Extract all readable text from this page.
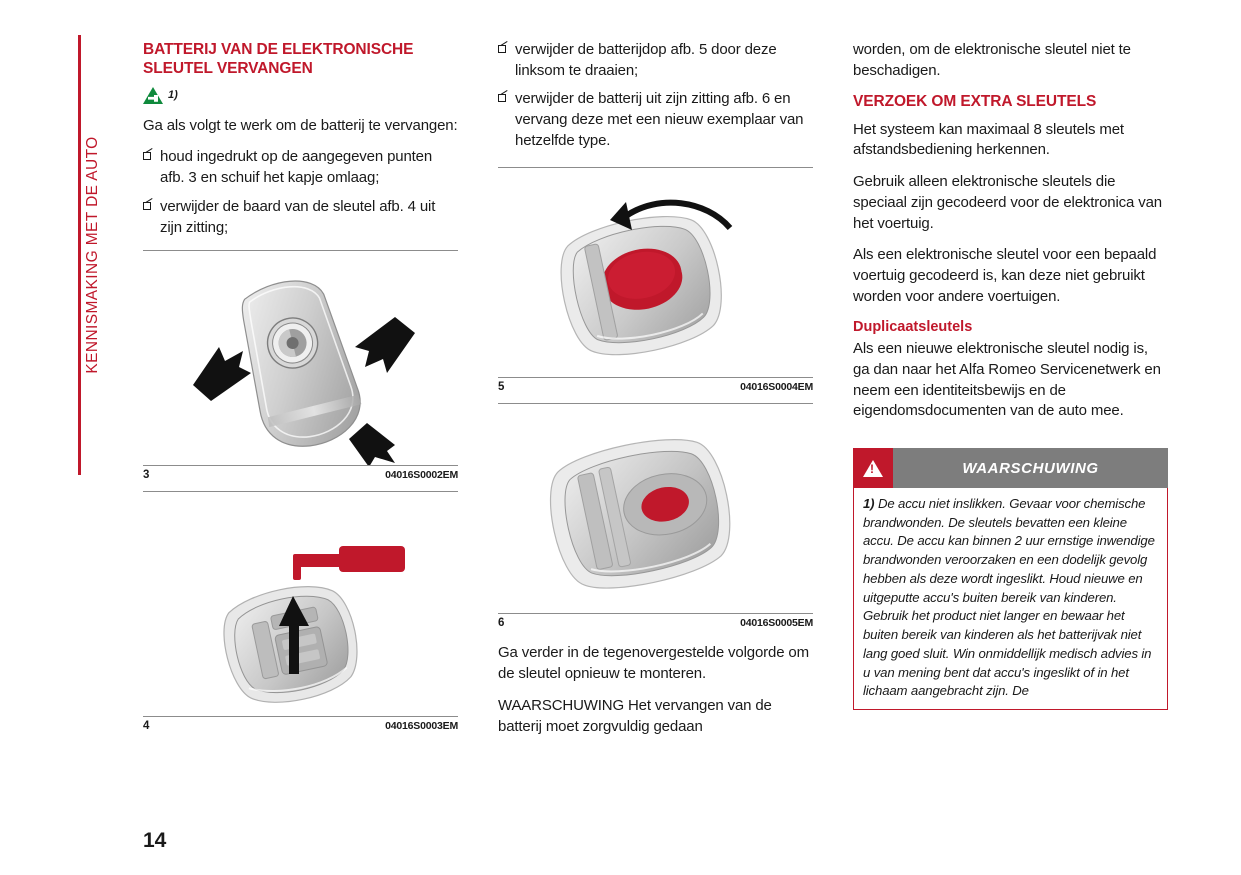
KENNISMAKING MET DE AUTO
BATTERIJ VAN DE ELEKTRONISCHE SLEUTEL VERVANGEN
1)

Ga als volgt te werk om de batterij te vervangen:

houd ingedrukt op de aangegeven punten afb. 3 en schuif het kapje omlaag;
verwijder de baard van de sleutel afb. 4 uit zijn zitting;
3	04016S0002EM
4	04016S0003EM
verwijder de batterijdop afb. 5 door deze linksom te draaien;
verwijder de batterij uit zijn zitting afb. 6 en vervang deze met een nieuw exemplaar van hetzelfde type.
5	04016S0004EM
6	04016S0005EM

Ga verder in de tegenovergestelde volgorde om de sleutel opnieuw te monteren.

WAARSCHUWING Het vervangen van de batterij moet zorgvuldig gedaan

worden, om de elektronische sleutel niet te beschadigen.

VERZOEK OM EXTRA SLEUTELS

Het systeem kan maximaal 8 sleutels met afstandsbediening herkennen.

Gebruik alleen elektronische sleutels die speciaal zijn gecodeerd voor de elektronica van het voertuig.

Als een elektronische sleutel voor een bepaald voertuig gecodeerd is, kan deze niet gebruikt worden voor andere voertuigen.

Duplicaatsleutels

Als een nieuwe elektronische sleutel nodig is, ga dan naar het Alfa Romeo Servicenetwerk en neem een identiteitsbewijs en de eigendomsdocumenten van de auto mee.

!
WAARSCHUWING
1) De accu niet inslikken. Gevaar voor chemische brandwonden. De sleutels bevatten een kleine accu. De accu kan binnen 2 uur ernstige inwendige brandwonden veroorzaken en een dodelijk gevolg hebben als deze wordt ingeslikt. Houd nieuwe en uitgeputte accu's buiten bereik van kinderen. Gebruik het product niet langer en bewaar het buiten bereik van kinderen als het batterijvak niet lang goed sluit. Win onmiddellijk medisch advies in u van mening bent dat accu's ingeslikt of in het lichaam aangebracht zijn. De
14
